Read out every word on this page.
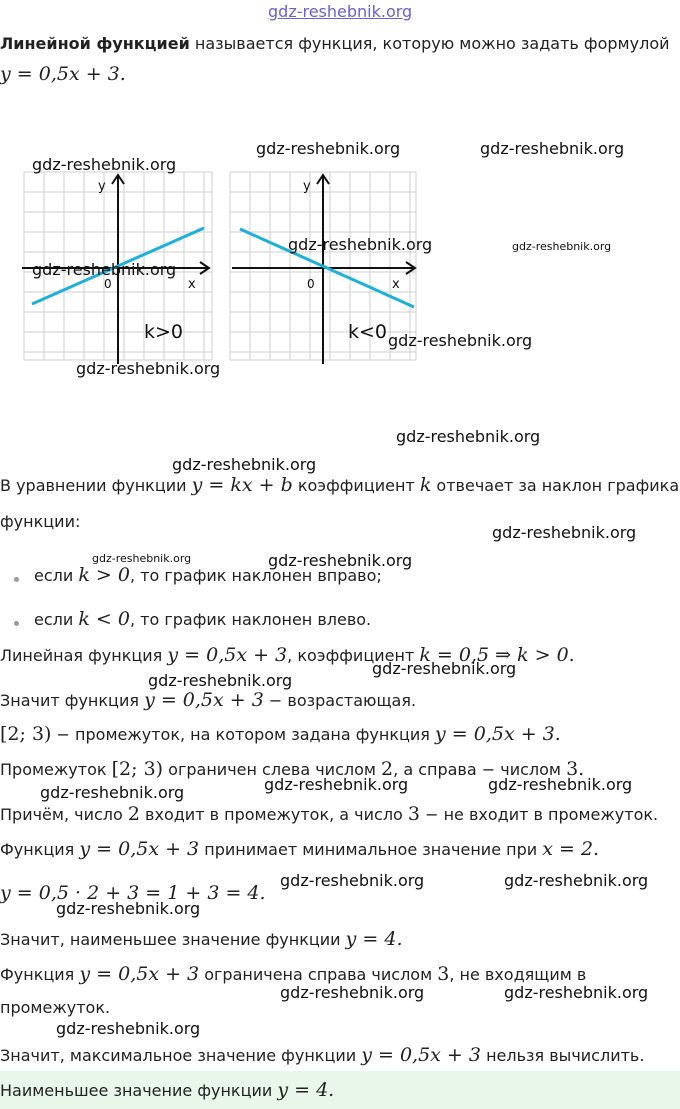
gdz-reshebnik.org
Линейной функцией называется функция, которую можно задать формулой
y = 0,5x + 3.
y
x
0
k>0
y
x
0
k<0
В уравнении функции y = kx + b коэффициент k отвечает за наклон графика
функции:
если k > 0, то график наклонен вправо;
если k < 0, то график наклонен влево.
Линейная функция y = 0,5x + 3, коэффициент k = 0,5 ⇒ k > 0.
Значит функция y = 0,5x + 3 − возрастающая.
[2; 3) − промежуток, на котором задана функция y = 0,5x + 3.
Промежуток [2; 3) ограничен слева числом 2, а справа − числом 3.
Причём, число 2 входит в промежуток, а число 3 − не входит в промежуток.
Функция y = 0,5x + 3 принимает минимальное значение при x = 2.
y = 0,5 · 2 + 3 = 1 + 3 = 4.
Значит, наименьшее значение функции y = 4.
Функция y = 0,5x + 3 ограничена справа числом 3, не входящим в
промежуток.
Значит, максимальное значение функции y = 0,5x + 3 нельзя вычислить.
Наименьшее значение функции y = 4.
gdz-reshebnik.org	gdz-reshebnik.org
gdz-reshebnik.org
gdz-reshebnik.org	gdz-reshebnik.org
gdz-reshebnik.org
gdz-reshebnik.org
gdz-reshebnik.org
gdz-reshebnik.org
gdz-reshebnik.org
gdz-reshebnik.org
gdz-reshebnik.org	gdz-reshebnik.org
gdz-reshebnik.org
gdz-reshebnik.org
gdz-reshebnik.org	gdz-reshebnik.org
gdz-reshebnik.org
gdz-reshebnik.org	gdz-reshebnik.org
gdz-reshebnik.org
gdz-reshebnik.org	gdz-reshebnik.org
gdz-reshebnik.org
